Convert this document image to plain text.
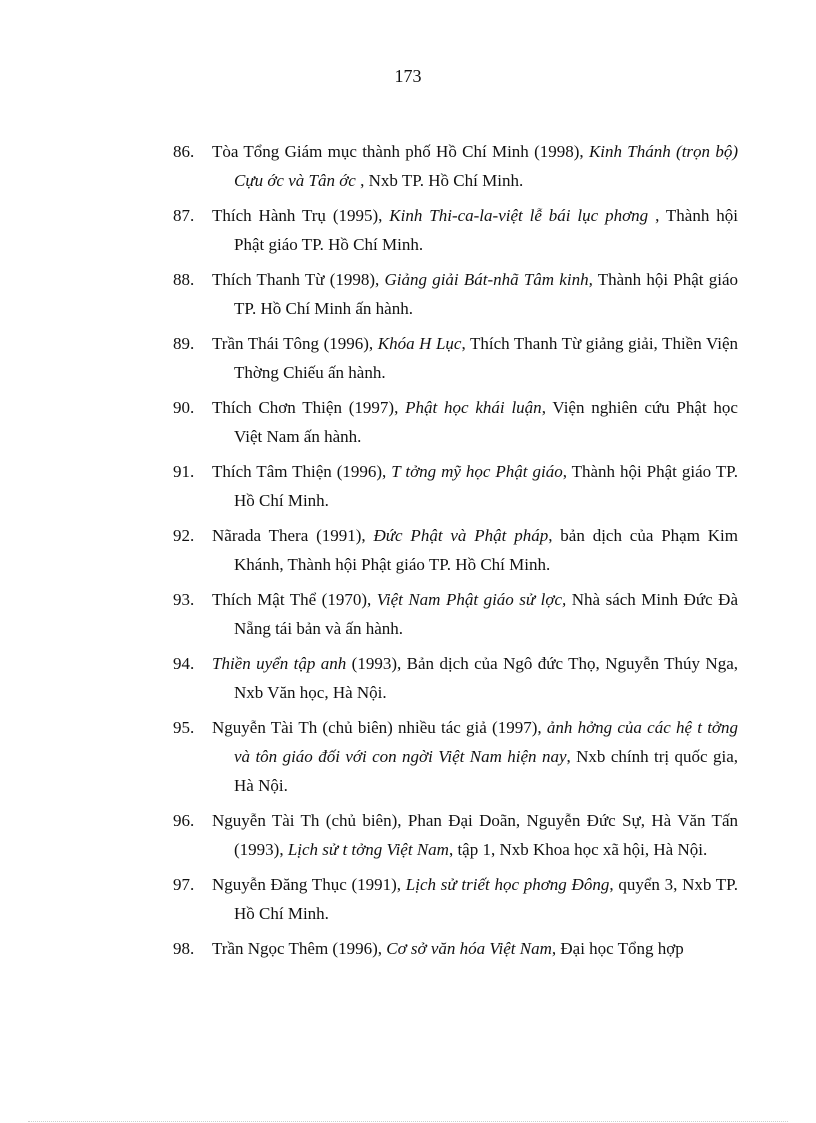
173
86. Tòa Tổng Giám mục thành phố Hồ Chí Minh (1998), Kinh Thánh (trọn bộ) Cựu ớc và Tân ớc , Nxb TP. Hồ Chí Minh.
87. Thích Hành Trụ (1995), Kinh Thi-ca-la-việt lễ bái lục phơng , Thành hội Phật giáo TP. Hồ Chí Minh.
88. Thích Thanh Từ (1998), Giảng giải Bát-nhã Tâm kinh, Thành hội Phật giáo TP. Hồ Chí Minh ấn hành.
89. Trần Thái Tông (1996), Khóa H Lục, Thích Thanh Từ giảng giải, Thiền Viện Thờng Chiếu ấn hành.
90. Thích Chơn Thiện (1997), Phật học khái luận, Viện nghiên cứu Phật học Việt Nam ấn hành.
91. Thích Tâm Thiện (1996), T tởng mỹ học Phật giáo, Thành hội Phật giáo TP. Hồ Chí Minh.
92. Nãrada Thera (1991), Đức Phật và Phật pháp, bản dịch của Phạm Kim Khánh, Thành hội Phật giáo TP. Hồ Chí Minh.
93. Thích Mật Thể (1970), Việt Nam Phật giáo sử lợc, Nhà sách Minh Đức Đà Nẵng tái bản và ấn hành.
94. Thiền uyển tập anh (1993), Bản dịch của Ngô đức Thọ, Nguyễn Thúy Nga, Nxb Văn học, Hà Nội.
95. Nguyễn Tài Th (chủ biên) nhiều tác giả (1997), ảnh hởng của các hệ t tởng và tôn giáo đối với con ngời Việt Nam hiện nay, Nxb chính trị quốc gia, Hà Nội.
96. Nguyễn Tài Th (chủ biên), Phan Đại Doãn, Nguyễn Đức Sự, Hà Văn Tấn (1993), Lịch sử t tởng Việt Nam, tập 1, Nxb Khoa học xã hội, Hà Nội.
97. Nguyễn Đăng Thục (1991), Lịch sử triết học phơng Đông, quyển 3, Nxb TP. Hồ Chí Minh.
98. Trần Ngọc Thêm (1996), Cơ sở văn hóa Việt Nam, Đại học Tổng hợp
